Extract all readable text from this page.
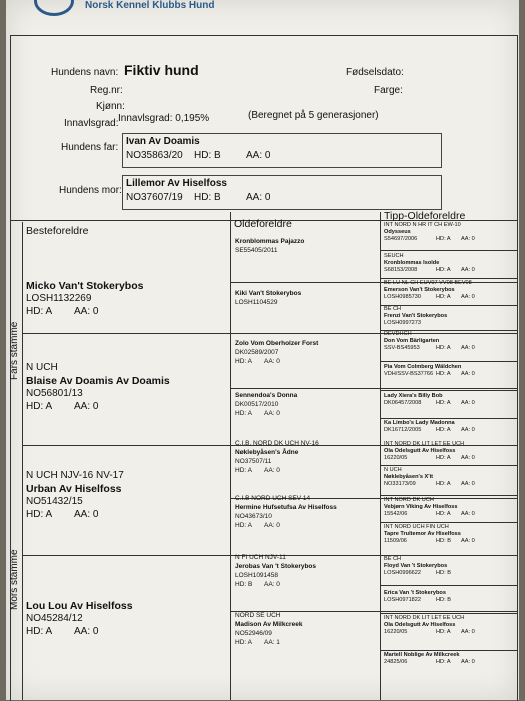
Norsk Kennel Klubbs Hund
Hundens navn: Fiktiv hund
Reg.nr:
Kjønn:
Fødselsdato:
Farge:
Innavlsgrad: Innavlsgrad: 0,195%	(Beregnet på 5 generasjoner)
Hundens far:
Ivan Av Doamis
NO35863/20 HD: B	AA: 0
Hundens mor:
Lillemor Av Hiselfoss
NO37607/19 HD: B	AA: 0
Besteforeldre
Oldeforeldre
Tipp-Oldeforeldre
Fars stamme
Mors stamme
Micko Van't Stokerybos
LOSH1132269
HD: A AA: 0
N UCH
Blaise Av Doamis Av Doamis
NO56801/13
HD: A AA: 0
N UCH NJV-16 NV-17
Urban Av Hiselfoss
NO51432/15
HD: A AA: 0
Lou Lou Av Hiselfoss
NO45284/12
HD: A AA: 0
Kronblommas Pajazzo
SE55405/2011
Kiki Van't Stokerybos
LOSH1104529
Zolo Vom Oberholzer Forst
DK02589/2007
HD: A AA: 0
Sennendoa's Donna
DK00517/2010
HD: A AA: 0
C.I.B. NORD DK UCH NV-16
Nøklebyåsen's Ådne
NO37507/11
HD: A AA: 0
C.I.B NORD UCH SEV-14
Hermine Hufsetufsa Av Hiselfoss
NO43673/10
HD: A AA: 0
N FI UCH NJV-11
Jerobas Van 't Stokerybos
LOSH1091458
HD: B AA: 0
NORD SE UCH
Madison Av Milkcreek
NO52946/09
HD: A AA: 1
INT NORD N HR IT CH EW-10
Odysseus
S54697/2006	HD: A AA: 0
SEUCH
Kronblommas Isolde
S68153/2008	HD: A AA: 0
BE LU NL CH EUV07 VV08 BEV08
Emerson Van't Stokerybos
LOSH0985730	HD: A AA: 0
BE CH
Frenzi Van't Stokerybos
LOSH0997273
DEVDHCH
Don Vom Bärligarten
SSV-BS45953	HD: A AA: 0
Pia Vom Colmberg Wäldchen
VDH/SSV-BS37766 HD: A AA: 0
Lady Xiera's Billy Bob
DK06457/2008	HD: A AA: 0
Ka Limbo's Lady Madonna
DK16712/2005	HD: A AA: 0
INT NORD DK LIT LET EE UCH
Ola Odelsgutt Av Hiselfoss
16220/05	HD: A AA: 0
N UCH
Nøklebyåsen's X'it
NO33173/09	HD: A AA: 0
INT NORD DK UCH
Vebjørn Viking Av Hiselfoss
15542/06	HD: A AA: 0
INT NORD UCH FIN UCH
Tapre Trultemor Av Hiselfoss
11509/06	HD: B AA: 0
BE CH
Floyd Van 't Stokerybos
LOSH0996622	HD: B
Erica Van 't Stokerybos
LOSH0971822	HD: B
INT NORD DK LIT LET EE UCH
Ola Odelsgutt Av Hiselfoss
16220/05	HD: A AA: 0
Martell Noblige Av Milkcreek
24825/06	HD: A AA: 0
